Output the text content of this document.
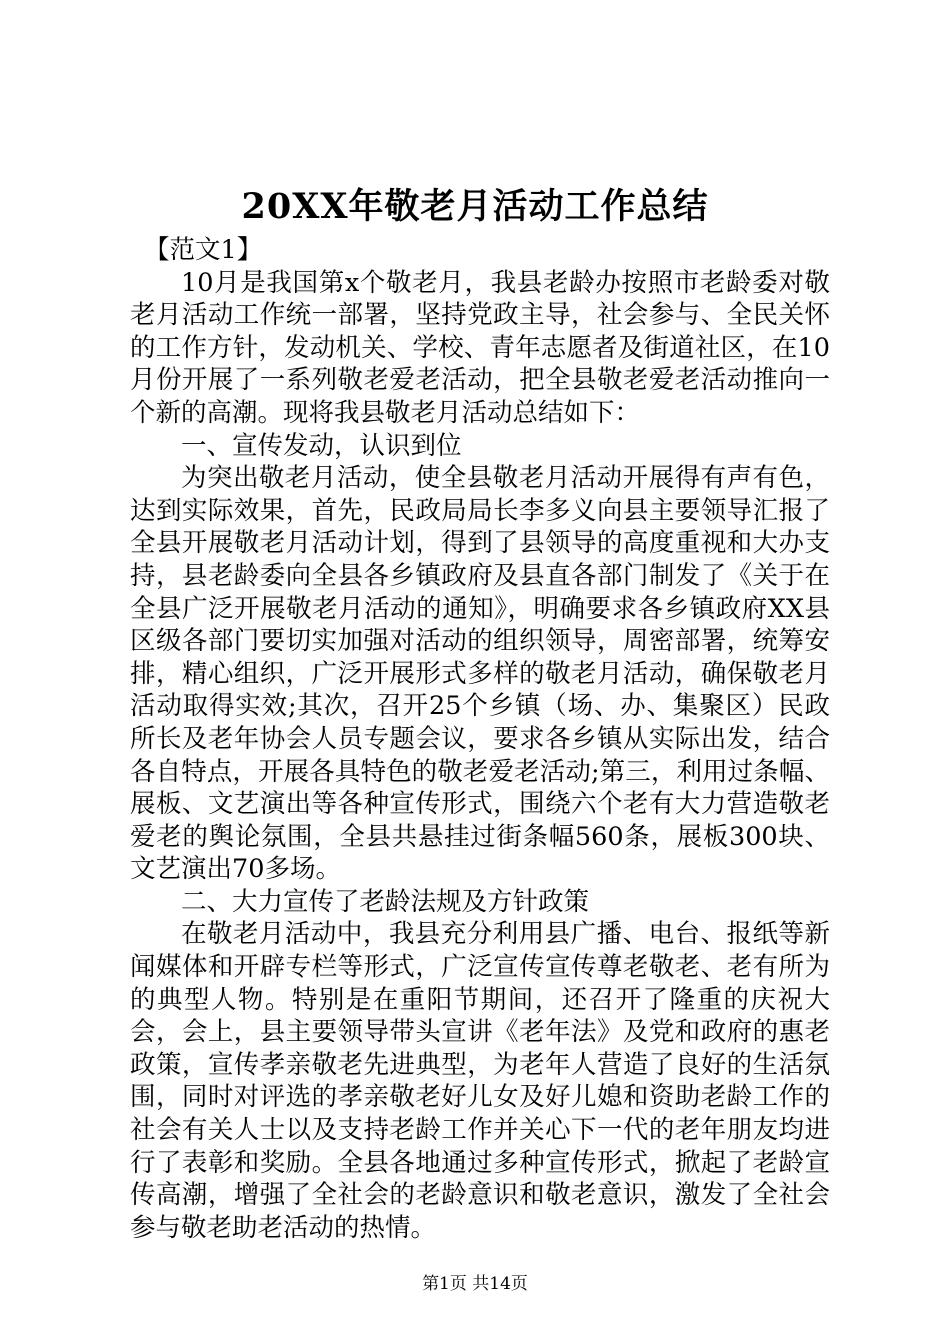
20XX年敬老月活动工作总结

【范文1】

10月是我国第x个敬老月，我县老龄办按照市老龄委对敬老月活动工作统一部署，坚持党政主导，社会参与、全民关怀的工作方针，发动机关、学校、青年志愿者及街道社区，在10月份开展了一系列敬老爱老活动，把全县敬老爱老活动推向一个新的高潮。现将我县敬老月活动总结如下：

一、宣传发动，认识到位

为突出敬老月活动，使全县敬老月活动开展得有声有色，达到实际效果，首先，民政局局长李多义向县主要领导汇报了全县开展敬老月活动计划，得到了县领导的高度重视和大办支持，县老龄委向全县各乡镇政府及县直各部门制发了《关于在全县广泛开展敬老月活动的通知》，明确要求各乡镇政府XX县区级各部门要切实加强对活动的组织领导，周密部署，统筹安排，精心组织，广泛开展形式多样的敬老月活动，确保敬老月活动取得实效;其次，召开25个乡镇（场、办、集聚区）民政所长及老年协会人员专题会议，要求各乡镇从实际出发，结合各自特点，开展各具特色的敬老爱老活动;第三，利用过条幅、展板、文艺演出等各种宣传形式，围绕六个老有大力营造敬老爱老的舆论氛围，全县共悬挂过街条幅560条，展板300块、文艺演出70多场。

二、大力宣传了老龄法规及方针政策

在敬老月活动中，我县充分利用县广播、电台、报纸等新闻媒体和开辟专栏等形式，广泛宣传宣传尊老敬老、老有所为的典型人物。特别是在重阳节期间，还召开了隆重的庆祝大会，会上，县主要领导带头宣讲《老年法》及党和政府的惠老政策，宣传孝亲敬老先进典型，为老年人营造了良好的生活氛围，同时对评选的孝亲敬老好儿女及好儿媳和资助老龄工作的社会有关人士以及支持老龄工作并关心下一代的老年朋友均进行了表彰和奖励。全县各地通过多种宣传形式，掀起了老龄宣传高潮，增强了全社会的老龄意识和敬老意识，激发了全社会参与敬老助老活动的热情。

第1页 共14页
